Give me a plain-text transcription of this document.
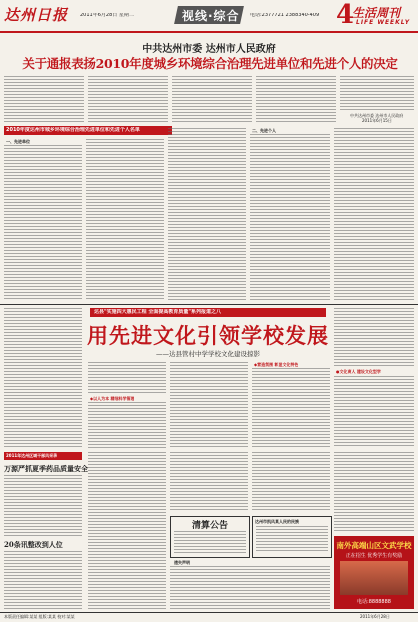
达州日报 2011年6月28日 星期二	视线·综合 电话:2377721 2388340-409 4
生活周刊
LIFE WEEKLY
中共达州市委 达州市人民政府
关于通报表扬2010年度城乡环境综合治理先进单位和先进个人的决定
中共达州市委 达州市人民政府
2011年6月15日
2010年度达州市城乡环境综合治理先进单位和先进个人名单
一、先进单位
二、先进个人
达县"实施四大惠民工程 全面提高教育质量"系列报道之八
用先进文化引领学校发展
——达县管村中学学校文化建设掠影
●文化育人 建设文化型学
◆以人为本 精细科学管理
◆营造氛围 彰显文化特色
2011年达州区域干部风采录
万源严抓夏季药品质量安全
20条讯整改到人位
清算公告	达州市凯风某人民的民族
遗失声明
南外高端山区文武学校
正在招生 优秀学生有奖励
电话:8888888
本版责任编辑:某某 组版:某某 校对:某某	2011年6月28日
